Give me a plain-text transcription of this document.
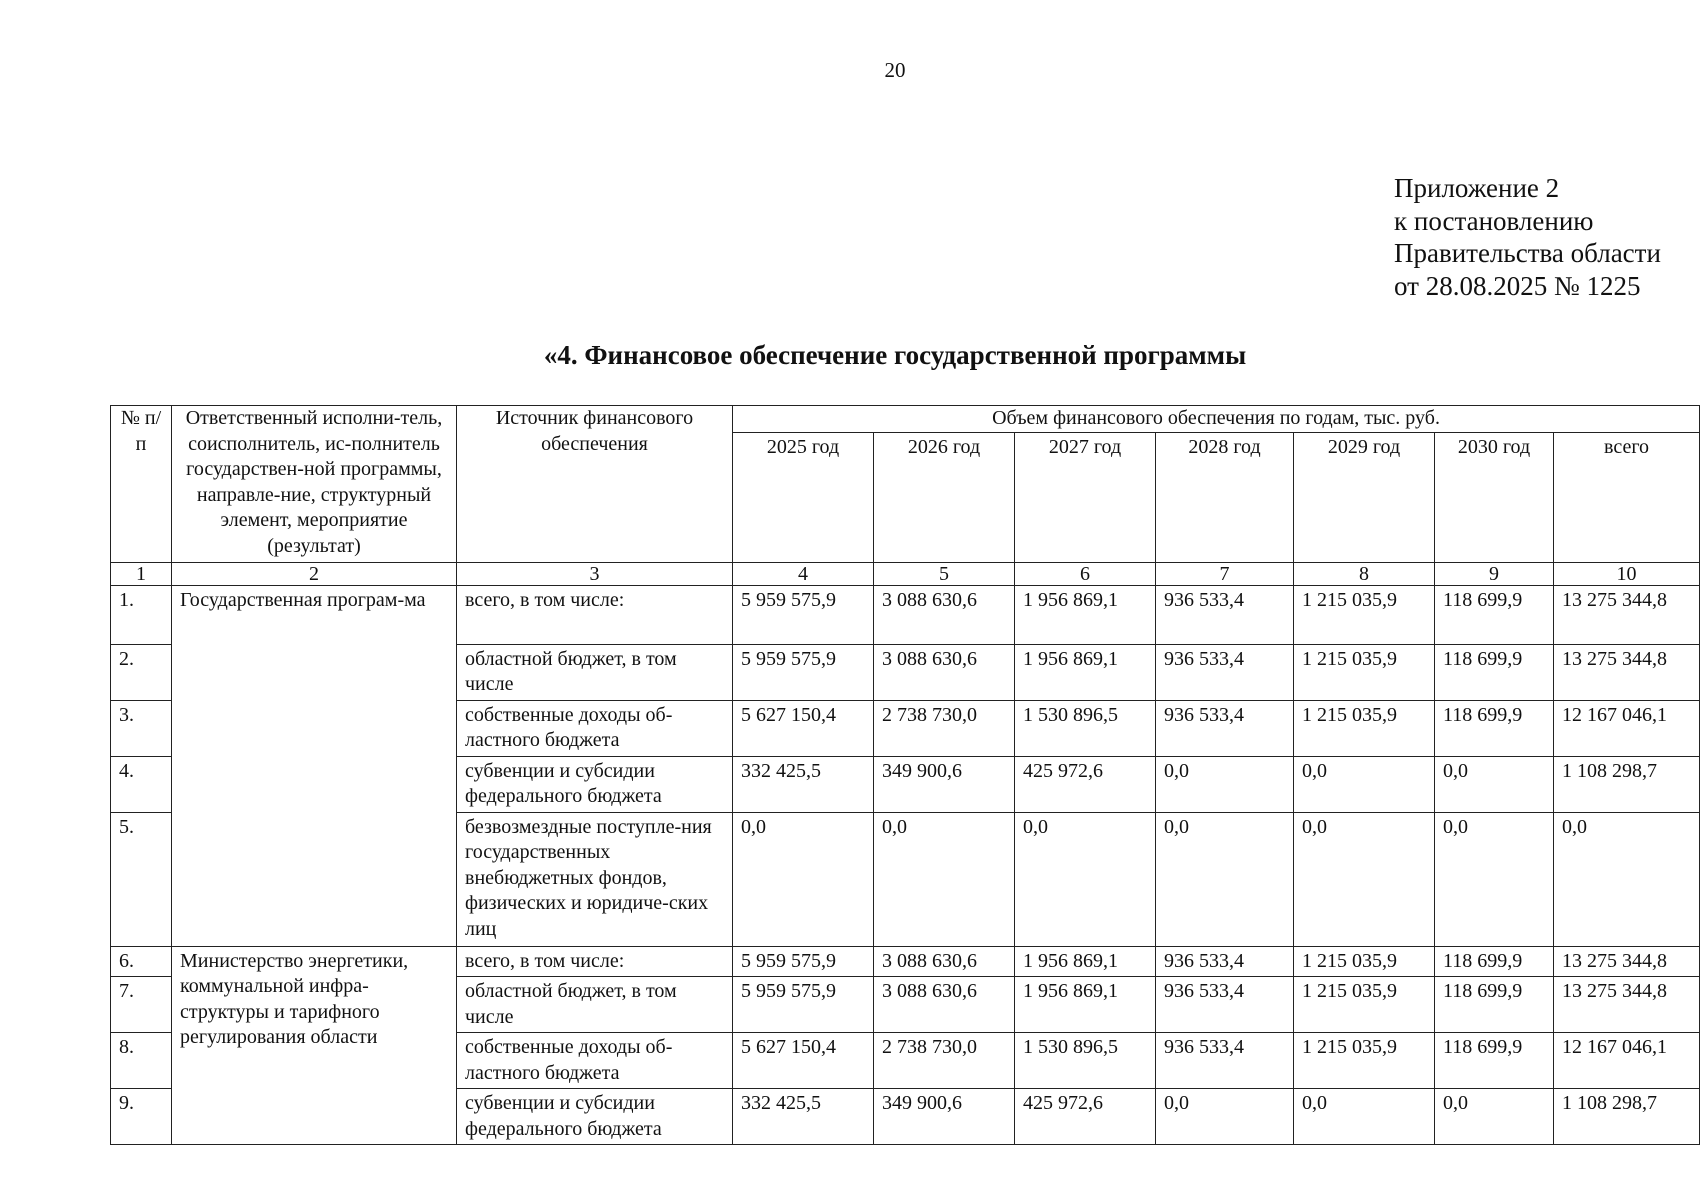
20
Приложение 2
к постановлению
Правительства области
от 28.08.2025 № 1225
«4. Финансовое обеспечение государственной программы
№ п/п	Ответственный исполни-тель, соисполнитель, ис-полнитель государствен-ной программы, направле-ние, структурный элемент, мероприятие (результат)	Источник финансового обеспечения	Объем финансового обеспечения по годам, тыс. руб.						
			2025 год	2026 год	2027 год	2028 год	2029 год	2030 год	всего
1	2	3	4	5	6	7	8	9	10
1.	Государственная програм-ма	всего, в том числе:	5 959 575,9	3 088 630,6	1 956 869,1	936 533,4	1 215 035,9	118 699,9	13 275 344,8
2.		областной бюджет, в том числе	5 959 575,9	3 088 630,6	1 956 869,1	936 533,4	1 215 035,9	118 699,9	13 275 344,8
3.		собственные доходы об-ластного бюджета	5 627 150,4	2 738 730,0	1 530 896,5	936 533,4	1 215 035,9	118 699,9	12 167 046,1
4.		субвенции и субсидии федерального бюджета	332 425,5	349 900,6	425 972,6	0,0	0,0	0,0	1 108 298,7
5.		безвозмездные поступле-ния государственных внебюджетных фондов, физических и юридиче-ских лиц	0,0	0,0	0,0	0,0	0,0	0,0	0,0
6.	Министерство энергетики, коммунальной инфра-структуры и тарифного регулирования области	всего, в том числе:	5 959 575,9	3 088 630,6	1 956 869,1	936 533,4	1 215 035,9	118 699,9	13 275 344,8
7.		областной бюджет, в том числе	5 959 575,9	3 088 630,6	1 956 869,1	936 533,4	1 215 035,9	118 699,9	13 275 344,8
8.		собственные доходы об-ластного бюджета	5 627 150,4	2 738 730,0	1 530 896,5	936 533,4	1 215 035,9	118 699,9	12 167 046,1
9.		субвенции и субсидии федерального бюджета	332 425,5	349 900,6	425 972,6	0,0	0,0	0,0	1 108 298,7
